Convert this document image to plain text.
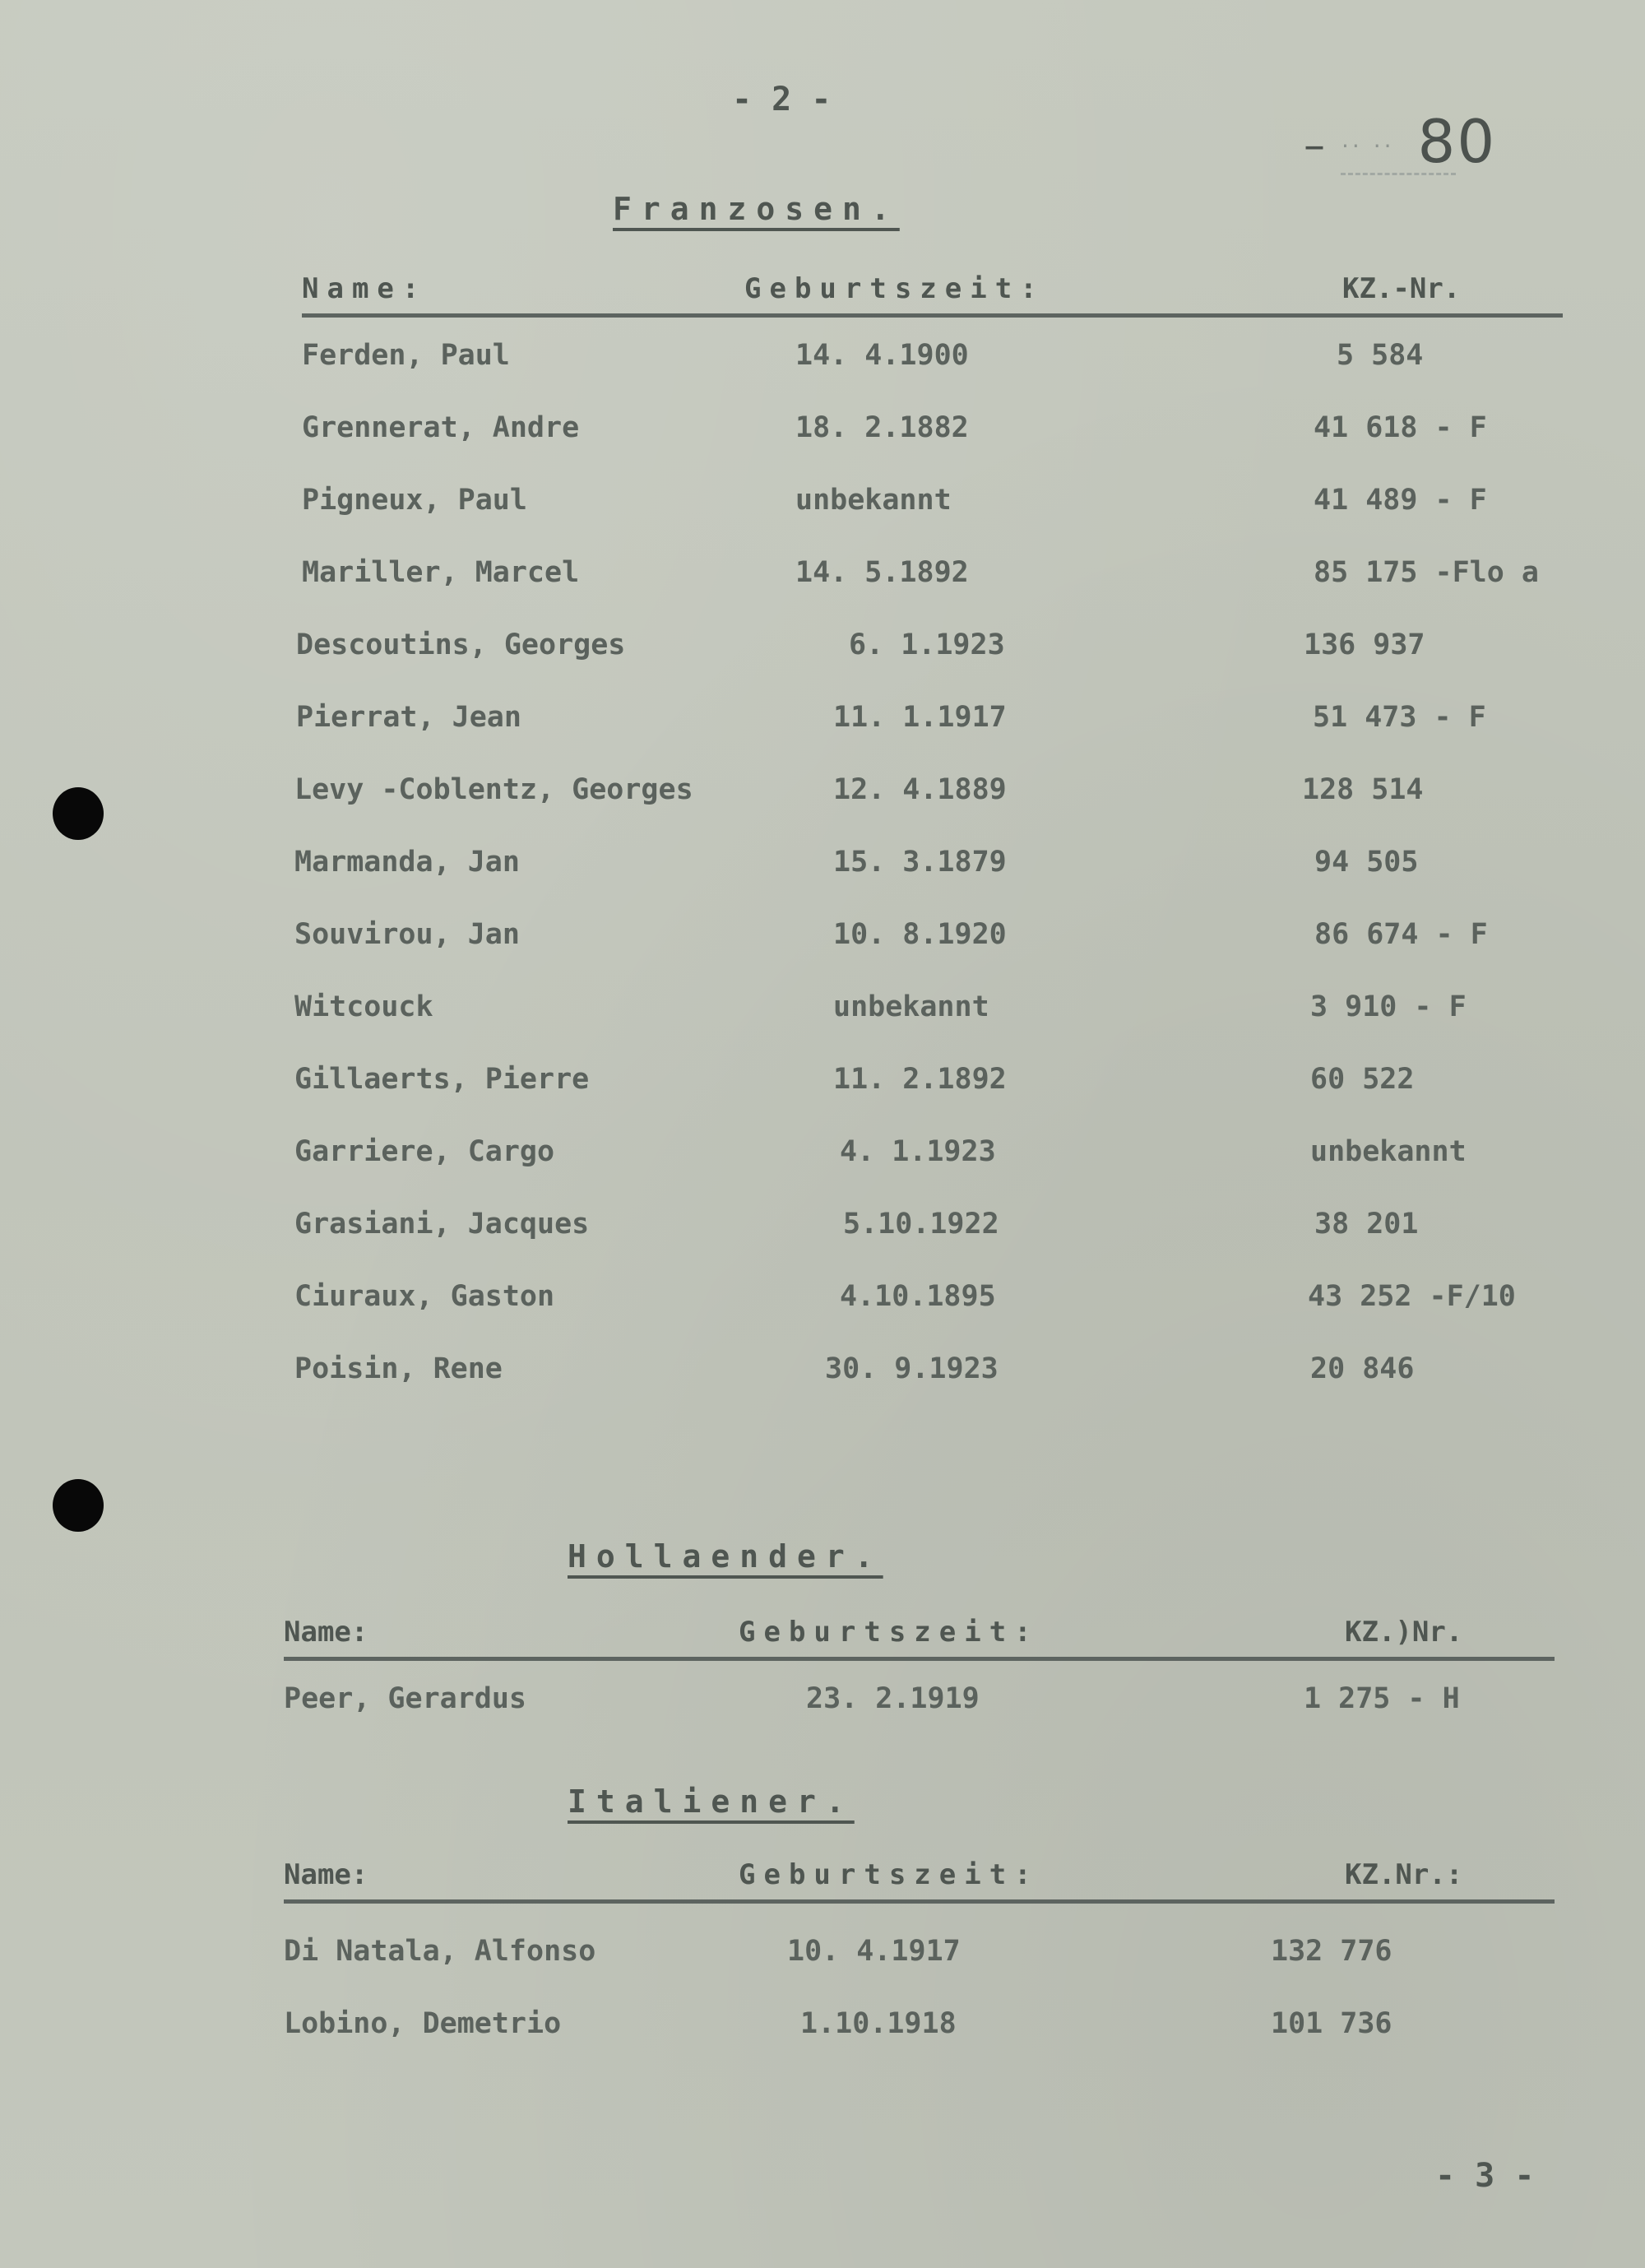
- 2 -
– ·· ·· 80
Franzosen.
Name:	Geburtszeit:	KZ.-Nr.
Ferden, Paul	14. 4.1900	5 584
Grennerat, Andre	18. 2.1882	41 618 - F
Pigneux, Paul	unbekannt	41 489 - F
Mariller, Marcel	14. 5.1892	85 175 -Flo a
Descoutins, Georges	6. 1.1923	136 937
Pierrat, Jean	11. 1.1917	51 473 - F
Levy -Coblentz, Georges	12. 4.1889	128 514
Marmanda, Jan	15. 3.1879	94 505
Souvirou, Jan	10. 8.1920	86 674 - F
Witcouck	unbekannt	3 910 - F
Gillaerts, Pierre	11. 2.1892	60 522
Garriere, Cargo	4. 1.1923	unbekannt
Grasiani, Jacques	5.10.1922	38 201
Ciuraux, Gaston	4.10.1895	43 252 -F/10
Poisin, Rene	30. 9.1923	20 846
Hollaender.
Name:	Geburtszeit:	KZ.)Nr.
Peer, Gerardus	23. 2.1919	1 275 - H
Italiener.
Name:	Geburtszeit:	KZ.Nr.:
Di Natala, Alfonso	10. 4.1917	132 776
Lobino, Demetrio	1.10.1918	101 736
- 3 -
